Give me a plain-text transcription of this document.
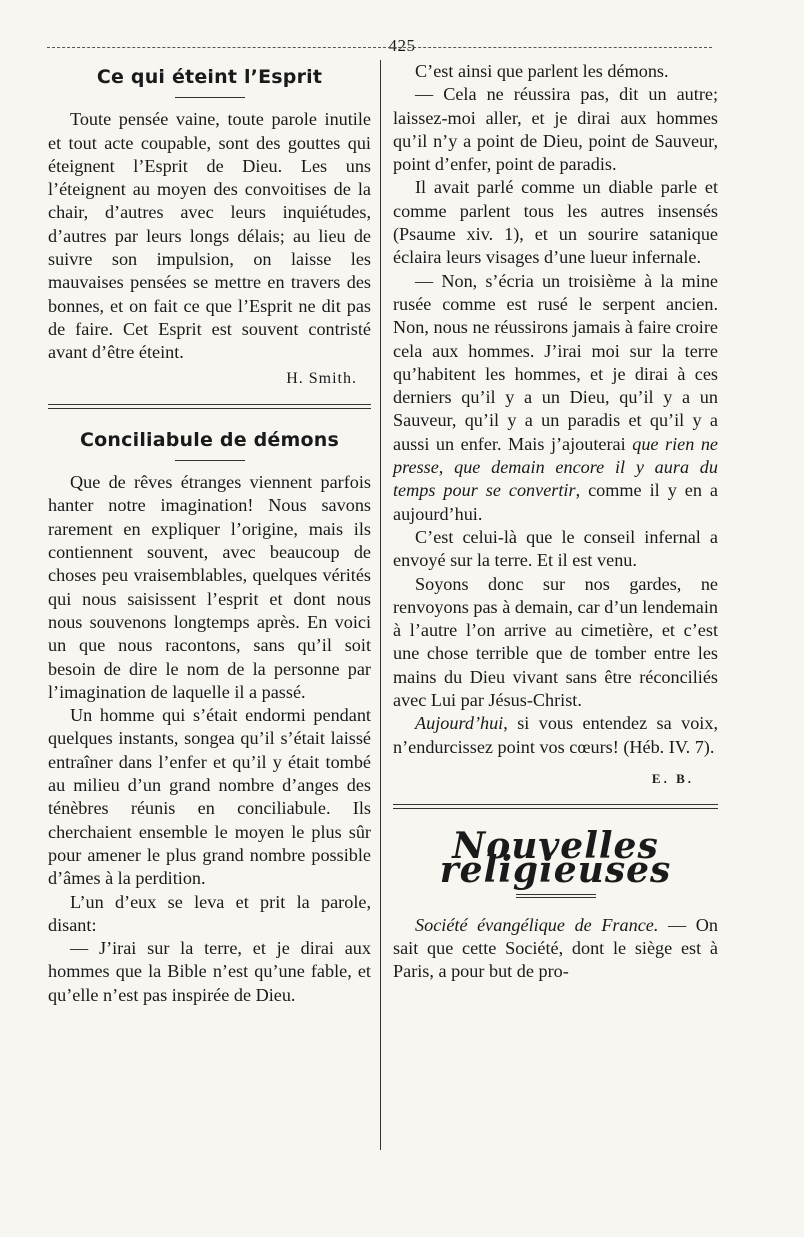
425
Ce qui éteint l’Esprit

Toute pensée vaine, toute parole inutile et tout acte coupable, sont des gouttes qui éteignent l’Esprit de Dieu. Les uns l’éteignent au moyen des convoitises de la chair, d’autres avec leurs inquiétudes, d’autres par leurs longs délais; au lieu de suivre son impulsion, on laisse les mauvaises pensées se mettre en travers des bonnes, et on fait ce que l’Esprit ne dit pas de faire. Cet Esprit est souvent contristé avant d’être éteint.

H. Smith.
Conciliabule de démons

Que de rêves étranges viennent parfois hanter notre imagination! Nous savons rarement en expliquer l’origine, mais ils contiennent souvent, avec beaucoup de choses peu vraisemblables, quelques vérités qui nous saisissent l’esprit et dont nous nous souvenons longtemps après. En voici un que nous racontons, sans qu’il soit besoin de dire le nom de la personne par l’imagination de laquelle il a passé.

Un homme qui s’était endormi pendant quelques instants, songea qu’il s’était laissé entraîner dans l’enfer et qu’il y était tombé au milieu d’un grand nombre d’anges des ténèbres réunis en conciliabule. Ils cherchaient ensemble le moyen le plus sûr pour amener le plus grand nombre possible d’âmes à la perdition.

L’un d’eux se leva et prit la parole, disant:

— J’irai sur la terre, et je dirai aux hommes que la Bible n’est qu’une fable, et qu’elle n’est pas inspirée de Dieu.

C’est ainsi que parlent les démons.

— Cela ne réussira pas, dit un autre; laissez-moi aller, et je dirai aux hommes qu’il n’y a point de Dieu, point de Sauveur, point d’enfer, point de paradis.

Il avait parlé comme un diable parle et comme parlent tous les autres insensés (Psaume xiv. 1), et un sourire satanique éclaira leurs visages d’une lueur infernale.

— Non, s’écria un troisième à la mine rusée comme est rusé le serpent ancien. Non, nous ne réussirons jamais à faire croire cela aux hommes. J’irai moi sur la terre qu’habitent les hommes, et je dirai à ces derniers qu’il y a un Dieu, qu’il y a un Sauveur, qu’il y a un paradis et qu’il y a aussi un enfer. Mais j’ajouterai que rien ne presse, que demain encore il y aura du temps pour se convertir, comme il y en a aujourd’hui.

C’est celui-là que le conseil infernal a envoyé sur la terre. Et il est venu.

Soyons donc sur nos gardes, ne renvoyons pas à demain, car d’un lendemain à l’autre l’on arrive au cimetière, et c’est une chose terrible que de tomber entre les mains du Dieu vivant sans être réconciliés avec Lui par Jésus-Christ.

Aujourd’hui, si vous entendez sa voix, n’endurcissez point vos cœurs! (Héb. IV. 7).

E. B.
Nouvelles religieuses

Société évangélique de France. — On sait que cette Société, dont le siège est à Paris, a pour but de pro-
